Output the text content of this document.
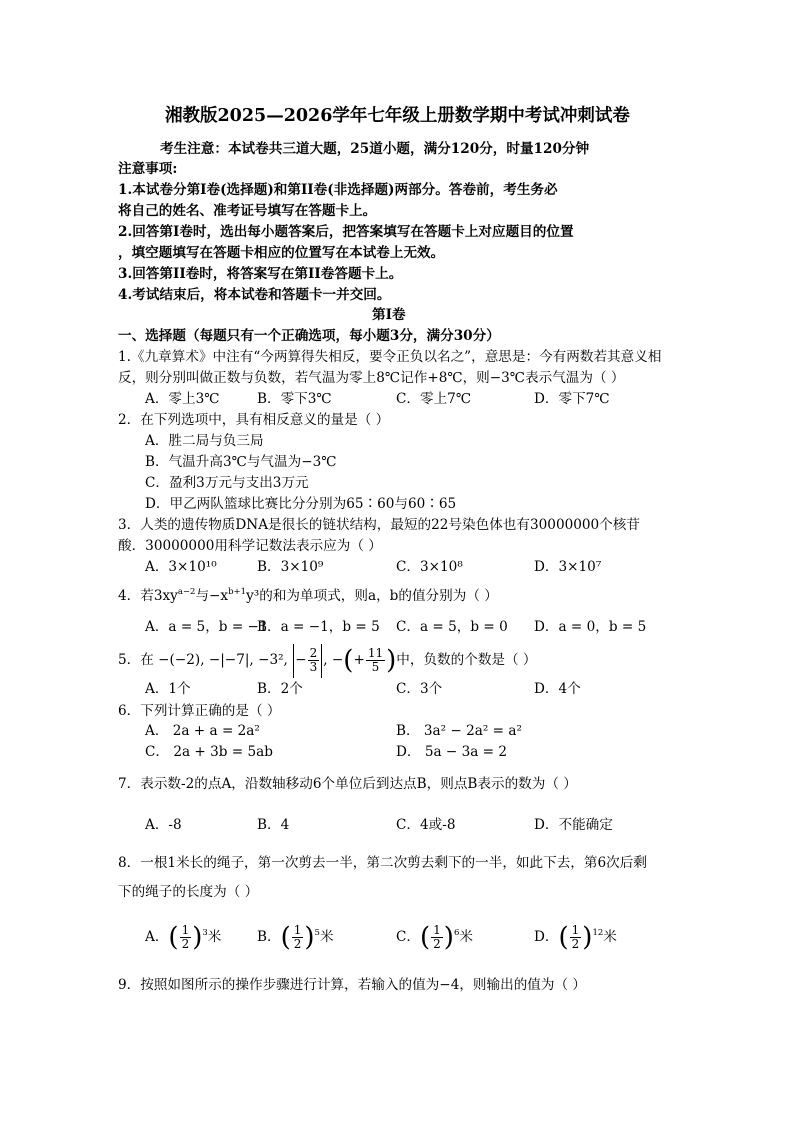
湘教版2025—2026学年七年级上册数学期中考试冲刺试卷
考生注意：本试卷共三道大题，25道小题，满分120分，时量120分钟
注意事项:
1.本试卷分第Ⅰ卷(选择题)和第II卷(非选择题)两部分。答卷前，考生务必
将自己的姓名、准考证号填写在答题卡上。
2.回答第Ⅰ卷时，选出每小题答案后，把答案填写在答题卡上对应题目的位置
，填空题填写在答题卡相应的位置写在本试卷上无效。
3.回答第II卷时，将答案写在第II卷答题卡上。
4.考试结束后，将本试卷和答题卡一并交回。
第Ⅰ卷
一、选择题（每题只有一个正确选项，每小题3分，满分30分）
1.《九章算术》中注有“今两算得失相反，要令正负以名之”，意思是：今有两数若其意义相
反，则分别叫做正数与负数，若气温为零上8℃记作+8℃，则−3℃表示气温为（ ）
A．零上3℃	B．零下3℃	C．零上7℃	D．零下7℃
2．在下列选项中，具有相反意义的量是（ ）
A．胜二局与负三局
B．气温升高3℃与气温为−3℃
C．盈利3万元与支出3万元
D．甲乙两队篮球比赛比分分别为65∶60与60∶65
3．人类的遗传物质DNA是很长的链状结构，最短的22号染色体也有30000000个核苷
酸．30000000用科学记数法表示应为（ ）
A．3×10¹⁰	B．3×10⁹	C．3×10⁸	D．3×10⁷
4．若$3xy^{a-2}$与$-x^{b+1}y^3$的和为单项式，则a，b的值分别为（ ）
A．a = 5，b = −1
B．a = −1，b = 5 C．a = 5，b = 0 D．a = 0，b = 5
5．在 −(−2), −|−7|, −3², − $\frac{2}{3}$ , −(+ $\frac{11}{5}$ )中，负数的个数是（ ）
A．1个	B．2个	C．3个	D．4个
6．下列计算正确的是（ ）
A． 2a + a = 2a²	B． 3a² − 2a² = a²
C． 2a + 3b = 5ab	D． 5a − 3a = 2
7．表示数-2的点A，沿数轴移动6个单位后到达点B，则点B表示的数为（ ）
A．-8	B．4	C．4或-8	D．不能确定
8．一根1米长的绳子，第一次剪去一半，第二次剪去剩下的一半，如此下去，第6次后剩
下的绳子的长度为（ ）
A．( $\frac{1}{2} )^3$米	B．( $\frac{1}{2} )^5$米	C．( $\frac{1}{2} )^6$米	D．( $\frac{1}{2} )^{12}$米
9．按照如图所示的操作步骤进行计算，若输入的值为−4，则输出的值为（ ）
